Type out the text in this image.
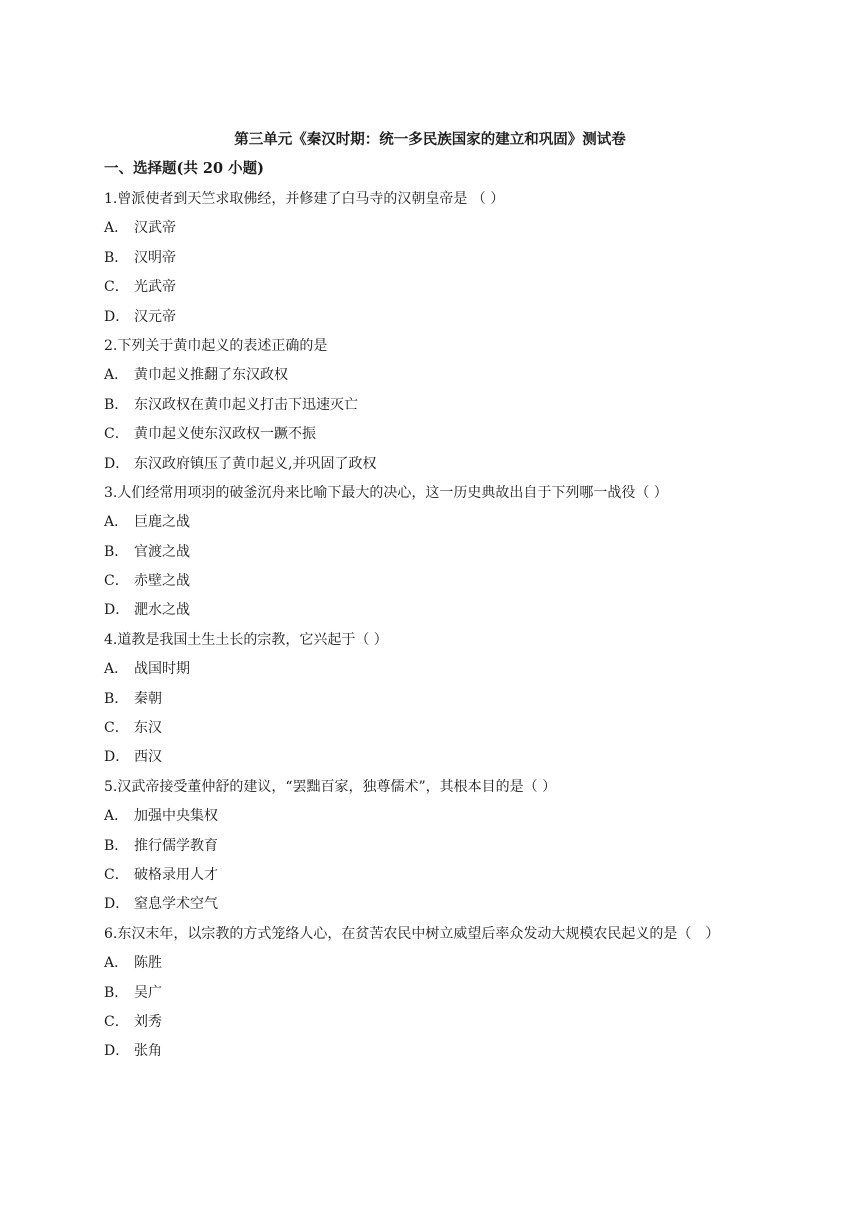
第三单元《秦汉时期：统一多民族国家的建立和巩固》测试卷
一、选择题(共 20 小题)
1.曾派使者到天竺求取佛经，并修建了白马寺的汉朝皇帝是 （ ）
A． 汉武帝
B． 汉明帝
C． 光武帝
D． 汉元帝
2.下列关于黄巾起义的表述正确的是
A． 黄巾起义推翻了东汉政权
B． 东汉政权在黄巾起义打击下迅速灭亡
C． 黄巾起义使东汉政权一蹶不振
D． 东汉政府镇压了黄巾起义,并巩固了政权
3.人们经常用项羽的破釜沉舟来比喻下最大的决心，这一历史典故出自于下列哪一战役（ ）
A． 巨鹿之战
B． 官渡之战
C． 赤壁之战
D． 淝水之战
4.道教是我国土生土长的宗教，它兴起于（ ）
A． 战国时期
B． 秦朝
C． 东汉
D． 西汉
5.汉武帝接受董仲舒的建议，“罢黜百家，独尊儒术”，其根本目的是（ ）
A． 加强中央集权
B． 推行儒学教育
C． 破格录用人才
D． 窒息学术空气
6.东汉末年，以宗教的方式笼络人心，在贫苦农民中树立威望后率众发动大规模农民起义的是（　）
A． 陈胜
B． 吴广
C． 刘秀
D． 张角
